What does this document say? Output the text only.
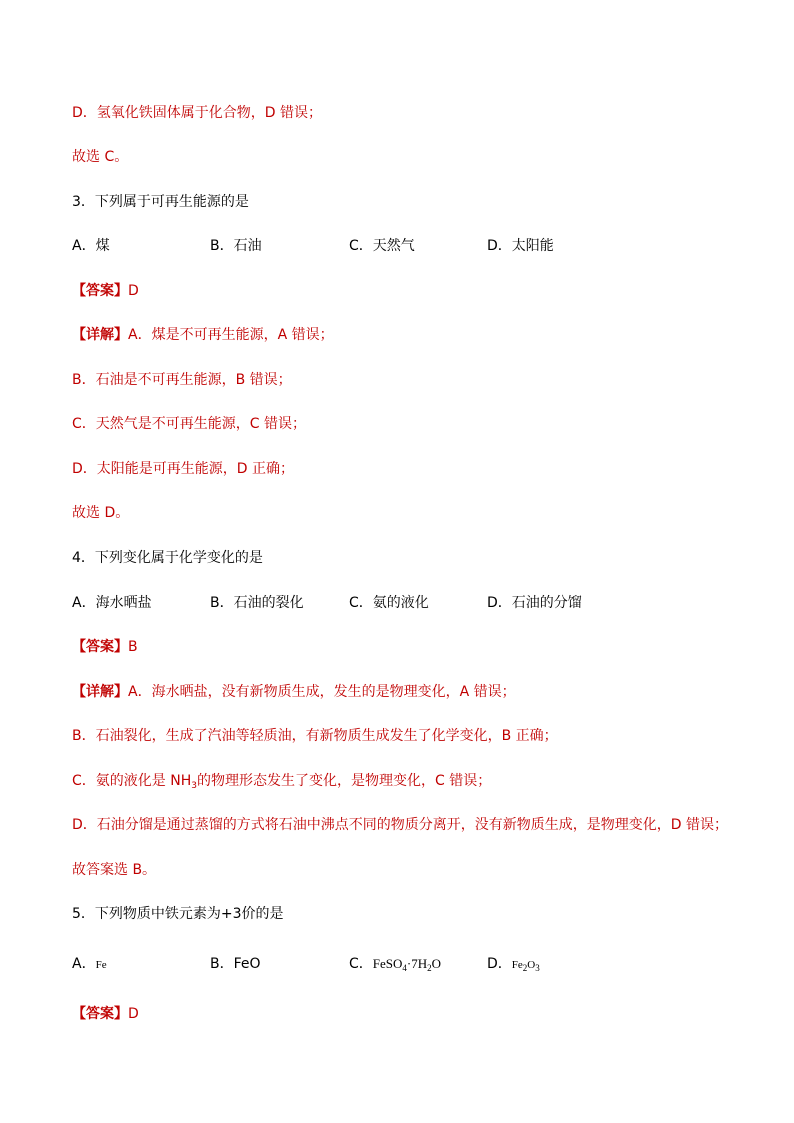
D．氢氧化铁固体属于化合物，D 错误；
故选 C。
3．下列属于可再生能源的是
A．煤	B．石油	C．天然气	D．太阳能
【答案】D
【详解】A．煤是不可再生能源，A 错误；
B．石油是不可再生能源，B 错误；
C．天然气是不可再生能源，C 错误；
D．太阳能是可再生能源，D 正确；
故选 D。
4．下列变化属于化学变化的是
A．海水晒盐	B．石油的裂化	C．氨的液化	D．石油的分馏
【答案】B
【详解】A．海水晒盐，没有新物质生成，发生的是物理变化，A 错误；
B．石油裂化，生成了汽油等轻质油，有新物质生成发生了化学变化，B 正确；
C．氨的液化是 $NH_3$的物理形态发生了变化，是物理变化，C 错误；
D．石油分馏是通过蒸馏的方式将石油中沸点不同的物质分离开，没有新物质生成，是物理变化，D 错误；
故答案选 B。
5．下列物质中铁元素为+3价的是
A．Fe	B．FeO	C．$FeSO_4\cdot 7H_2O$	D．$Fe_2O_3$
【答案】D
